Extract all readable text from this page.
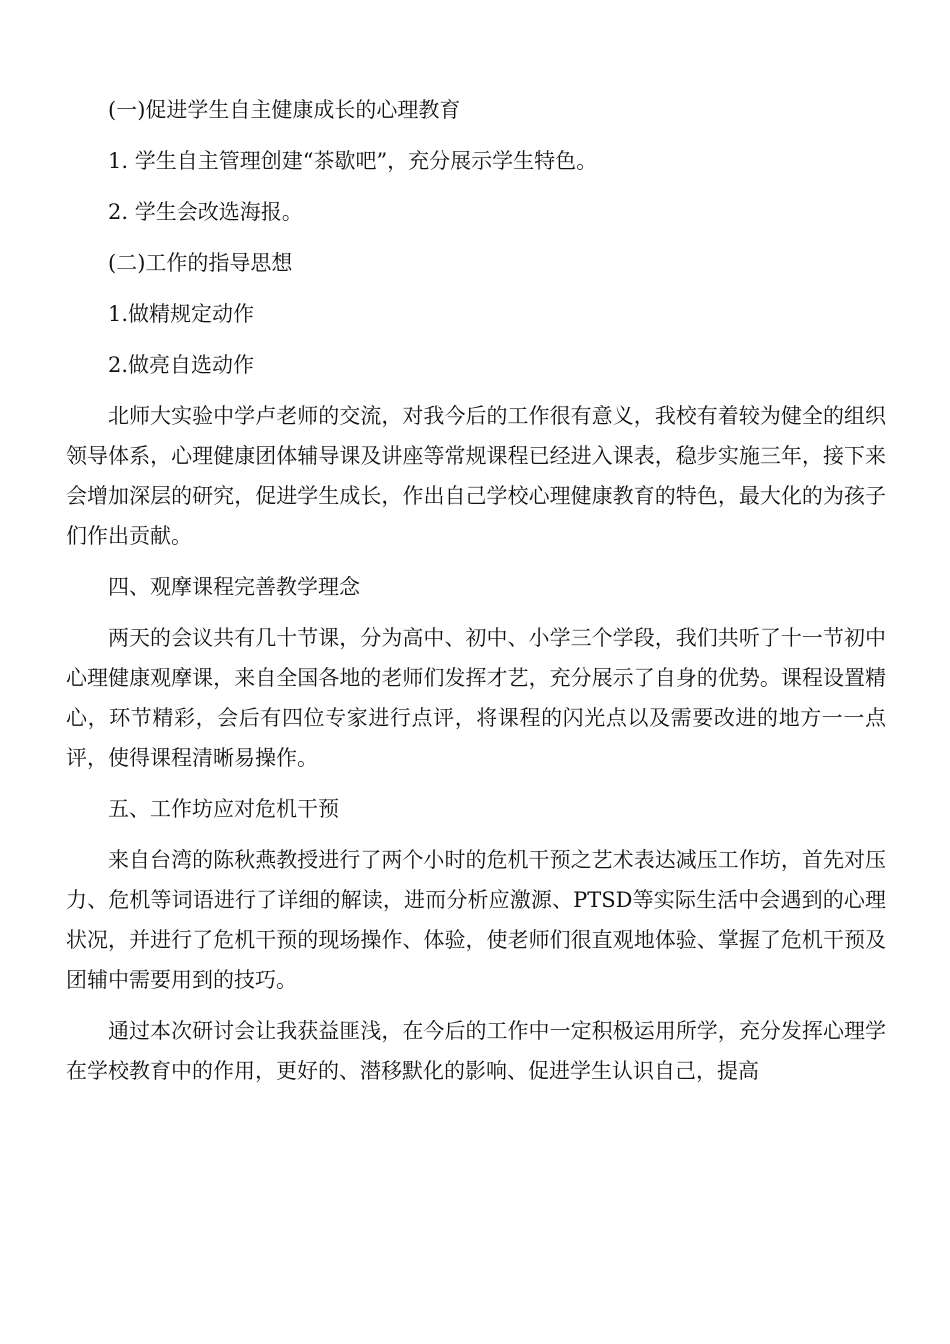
(一)促进学生自主健康成长的心理教育

1. 学生自主管理创建“茶歇吧”，充分展示学生特色。

2. 学生会改选海报。

(二)工作的指导思想

1.做精规定动作

2.做亮自选动作

北师大实验中学卢老师的交流，对我今后的工作很有意义，我校有着较为健全的组织领导体系，心理健康团体辅导课及讲座等常规课程已经进入课表，稳步实施三年，接下来会增加深层的研究，促进学生成长，作出自己学校心理健康教育的特色，最大化的为孩子们作出贡献。

四、观摩课程完善教学理念

两天的会议共有几十节课，分为高中、初中、小学三个学段，我们共听了十一节初中心理健康观摩课，来自全国各地的老师们发挥才艺，充分展示了自身的优势。课程设置精心，环节精彩，会后有四位专家进行点评，将课程的闪光点以及需要改进的地方一一点评，使得课程清晰易操作。

五、工作坊应对危机干预

来自台湾的陈秋燕教授进行了两个小时的危机干预之艺术表达减压工作坊，首先对压力、危机等词语进行了详细的解读，进而分析应激源、PTSD等实际生活中会遇到的心理状况，并进行了危机干预的现场操作、体验，使老师们很直观地体验、掌握了危机干预及团辅中需要用到的技巧。

通过本次研讨会让我获益匪浅，在今后的工作中一定积极运用所学，充分发挥心理学在学校教育中的作用，更好的、潜移默化的影响、促进学生认识自己，提高
